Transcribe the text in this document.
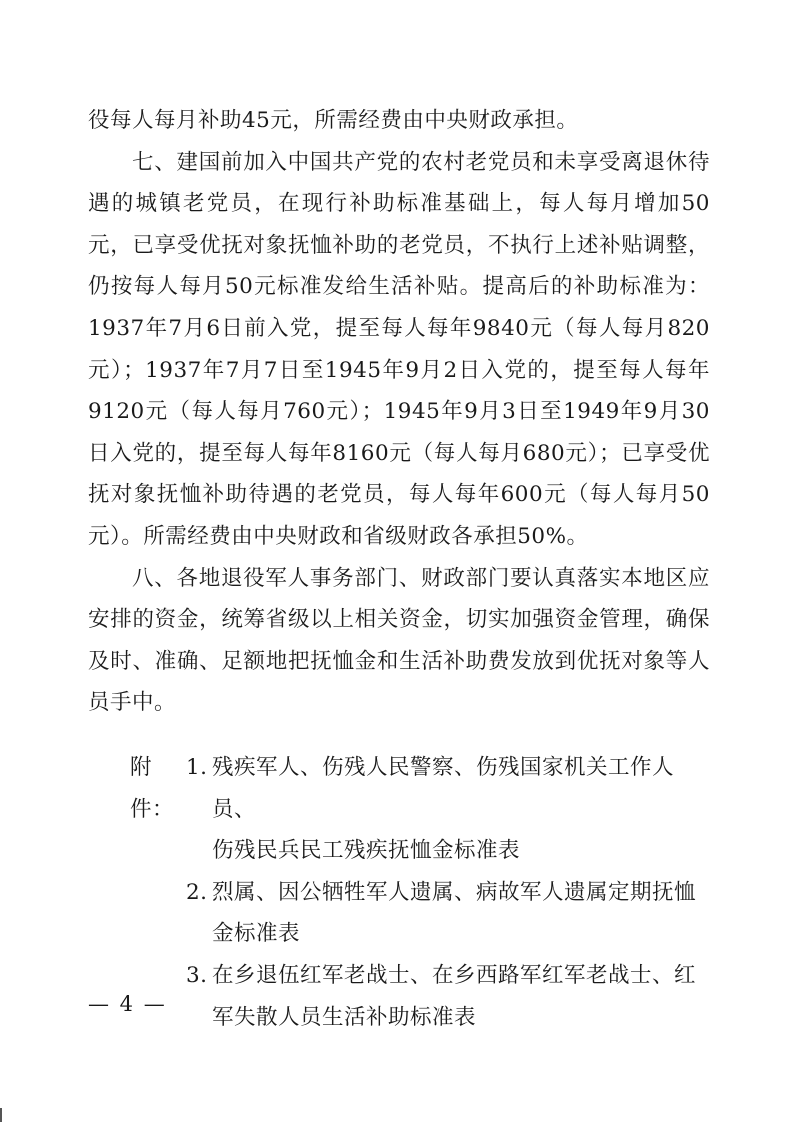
役每人每月补助45元，所需经费由中央财政承担。

七、建国前加入中国共产党的农村老党员和未享受离退休待遇的城镇老党员，在现行补助标准基础上，每人每月增加50元，已享受优抚对象抚恤补助的老党员，不执行上述补贴调整，仍按每人每月50元标准发给生活补贴。提高后的补助标准为：1937年7月6日前入党，提至每人每年9840元（每人每月820元）；1937年7月7日至1945年9月2日入党的，提至每人每年9120元（每人每月760元）；1945年9月3日至1949年9月30日入党的，提至每人每年8160元（每人每月680元）；已享受优抚对象抚恤补助待遇的老党员，每人每年600元（每人每月50元）。所需经费由中央财政和省级财政各承担50%。

八、各地退役军人事务部门、财政部门要认真落实本地区应安排的资金，统筹省级以上相关资金，切实加强资金管理，确保及时、准确、足额地把抚恤金和生活补助费发放到优抚对象等人员手中。

附件：
1. 残疾军人、伤残人民警察、伤残国家机关工作人员、
伤残民兵民工残疾抚恤金标准表
2. 烈属、因公牺牲军人遗属、病故军人遗属定期抚恤
金标准表
3. 在乡退伍红军老战士、在乡西路军红军老战士、红
军失散人员生活补助标准表
— 4 —
